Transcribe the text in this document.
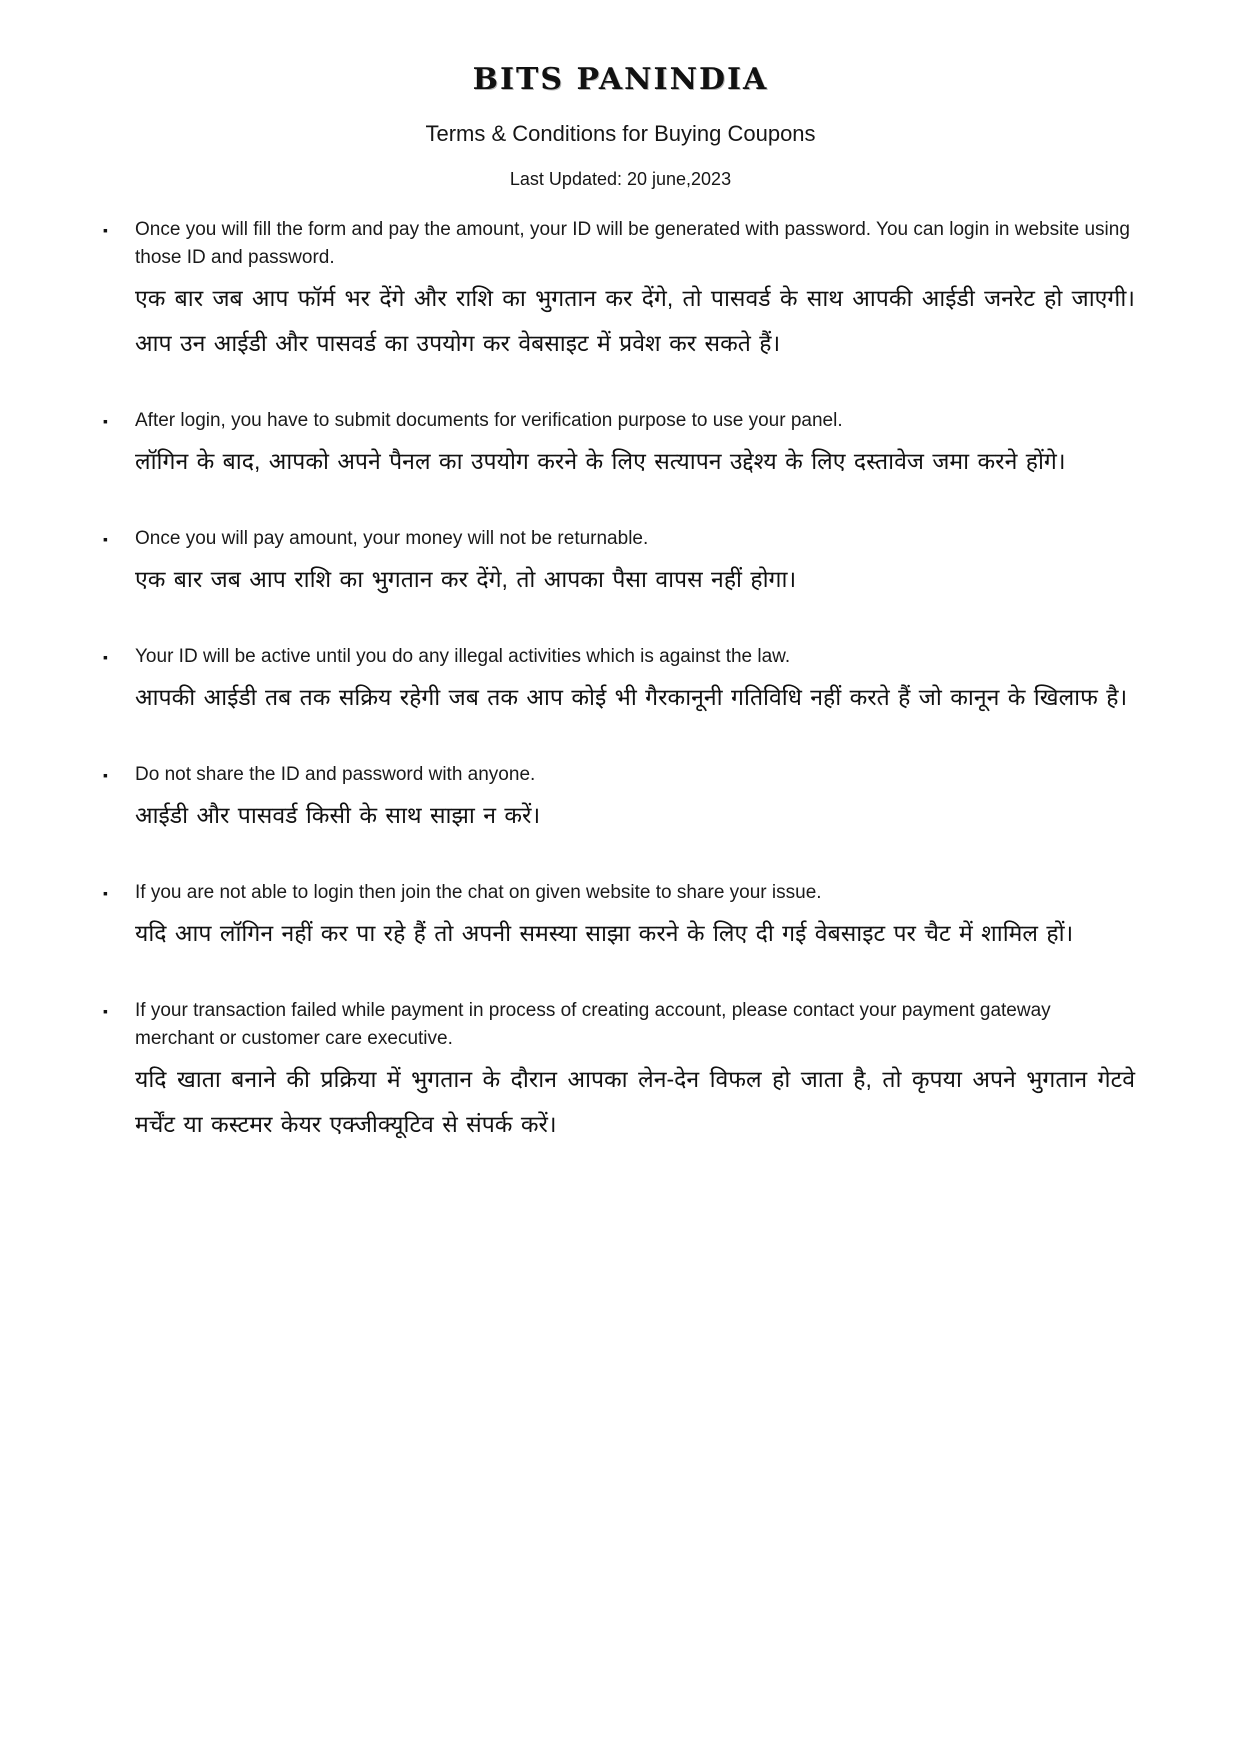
BITS PANINDIA
Terms & Conditions for Buying Coupons
Last Updated: 20 june,2023
▪ Once you will fill the form and pay the amount, your ID will be generated with password. You can login in website using those ID and password.
एक बार जब आप फॉर्म भर देंगे और राशि का भुगतान कर देंगे, तो पासवर्ड के साथ आपकी आईडी जनरेट हो जाएगी। आप उन आईडी और पासवर्ड का उपयोग कर वेबसाइट में प्रवेश कर सकते हैं।
▪ After login, you have to submit documents for verification purpose to use your panel.
लॉगिन के बाद, आपको अपने पैनल का उपयोग करने के लिए सत्यापन उद्देश्य के लिए दस्तावेज जमा करने होंगे।
▪ Once you will pay amount, your money will not be returnable.
एक बार जब आप राशि का भुगतान कर देंगे, तो आपका पैसा वापस नहीं होगा।
▪ Your ID will be active until you do any illegal activities which is against the law.
आपकी आईडी तब तक सक्रिय रहेगी जब तक आप कोई भी गैरकानूनी गतिविधि नहीं करते हैं जो कानून के खिलाफ है।
▪ Do not share the ID and password with anyone.
आईडी और पासवर्ड किसी के साथ साझा न करें।
▪ If you are not able to login then join the chat on given website to share your issue.
यदि आप लॉगिन नहीं कर पा रहे हैं तो अपनी समस्या साझा करने के लिए दी गई वेबसाइट पर चैट में शामिल हों।
▪ If your transaction failed while payment in process of creating account, please contact your payment gateway merchant or customer care executive.
यदि खाता बनाने की प्रक्रिया में भुगतान के दौरान आपका लेन-देन विफल हो जाता है, तो कृपया अपने भुगतान गेटवे मर्चेंट या कस्टमर केयर एक्जीक्यूटिव से संपर्क करें।
